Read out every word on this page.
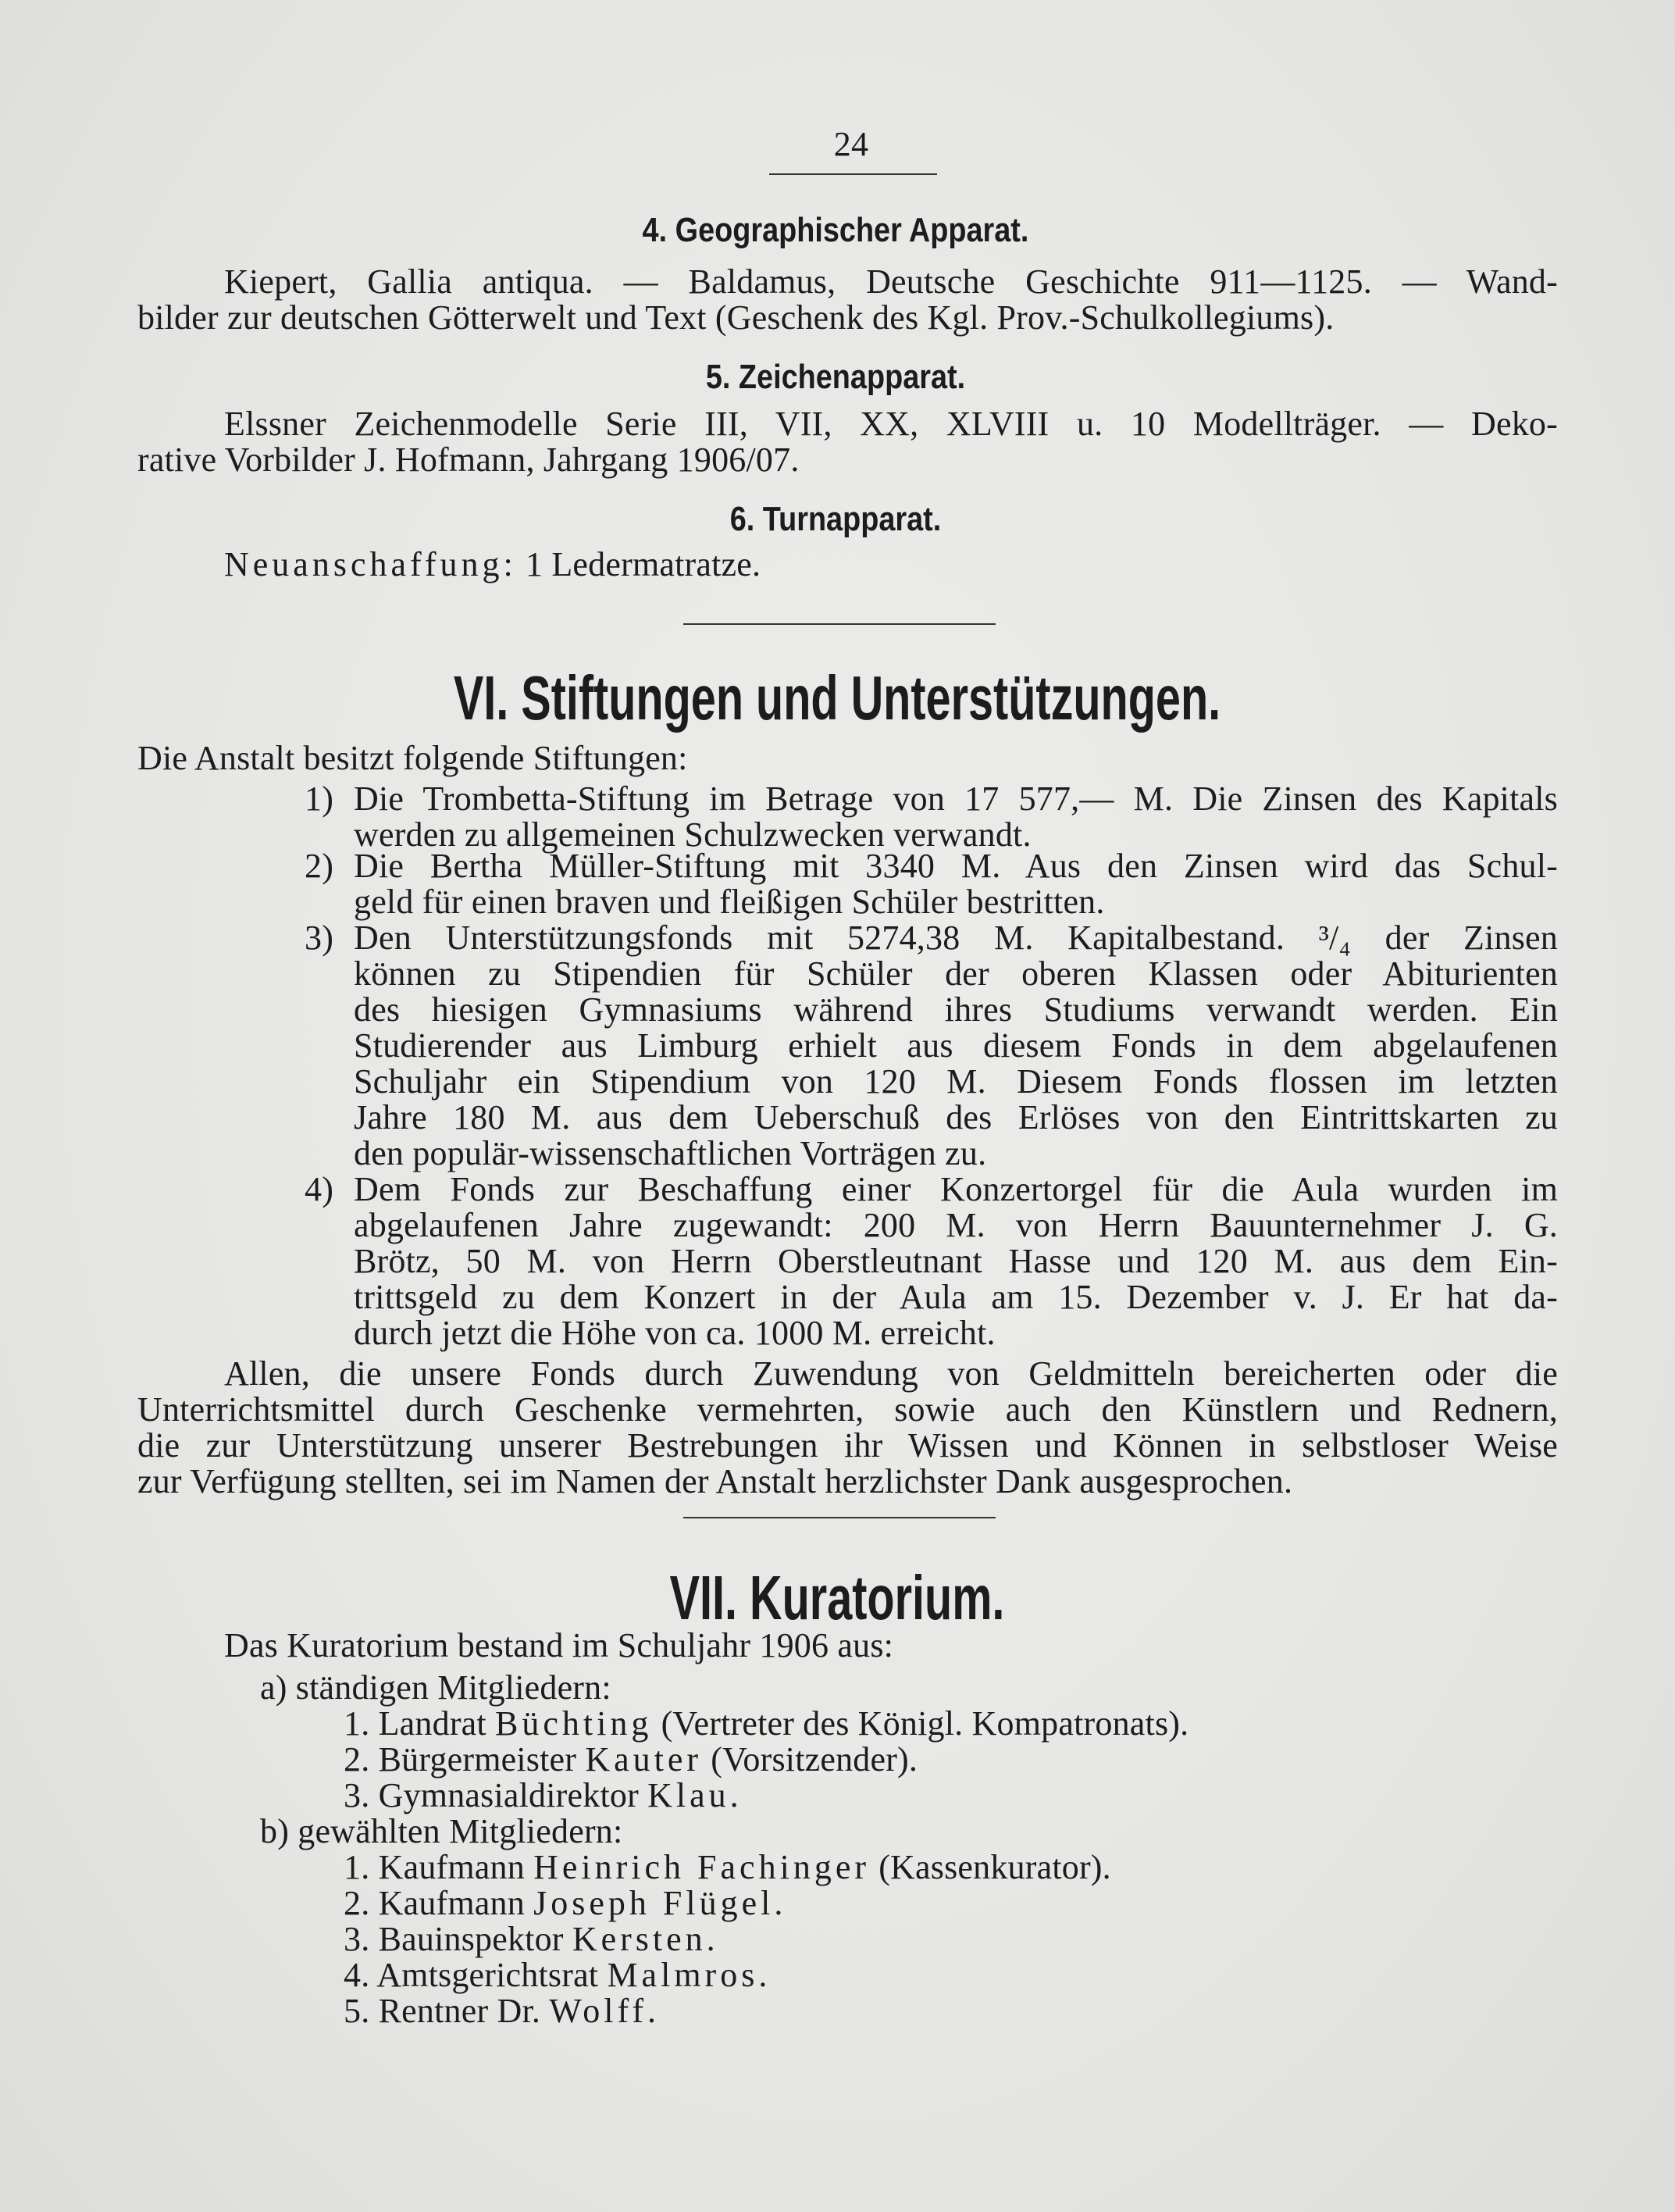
24
4. Geographischer Apparat.
Kiepert, Gallia antiqua. — Baldamus, Deutsche Geschichte 911—1125. — Wand-
bilder zur deutschen Götterwelt und Text (Geschenk des Kgl. Prov.-Schulkollegiums).
5. Zeichenapparat.
Elssner Zeichenmodelle Serie III, VII, XX, XLVIII u. 10 Modellträger. — Deko-
rative Vorbilder J. Hofmann, Jahrgang 1906/07.
6. Turnapparat.
Neuanschaffung: 1 Ledermatratze.
VI. Stiftungen und Unterstützungen.
Die Anstalt besitzt folgende Stiftungen:
1) Die Trombetta-Stiftung im Betrage von 17 577,— M. Die Zinsen des Kapitals
werden zu allgemeinen Schulzwecken verwandt.
2) Die Bertha Müller-Stiftung mit 3340 M. Aus den Zinsen wird das Schul-
geld für einen braven und fleißigen Schüler bestritten.
3) Den Unterstützungsfonds mit 5274,38 M. Kapitalbestand. ³/₄ der Zinsen
können zu Stipendien für Schüler der oberen Klassen oder Abiturienten
des hiesigen Gymnasiums während ihres Studiums verwandt werden. Ein
Studierender aus Limburg erhielt aus diesem Fonds in dem abgelaufenen
Schuljahr ein Stipendium von 120 M. Diesem Fonds flossen im letzten
Jahre 180 M. aus dem Ueberschuß des Erlöses von den Eintrittskarten zu
den populär-wissenschaftlichen Vorträgen zu.
4) Dem Fonds zur Beschaffung einer Konzertorgel für die Aula wurden im
abgelaufenen Jahre zugewandt: 200 M. von Herrn Bauunternehmer J. G.
Brötz, 50 M. von Herrn Oberstleutnant Hasse und 120 M. aus dem Ein-
trittsgeld zu dem Konzert in der Aula am 15. Dezember v. J. Er hat da-
durch jetzt die Höhe von ca. 1000 M. erreicht.
Allen, die unsere Fonds durch Zuwendung von Geldmitteln bereicherten oder die
Unterrichtsmittel durch Geschenke vermehrten, sowie auch den Künstlern und Rednern,
die zur Unterstützung unserer Bestrebungen ihr Wissen und Können in selbstloser Weise
zur Verfügung stellten, sei im Namen der Anstalt herzlichster Dank ausgesprochen.
VII. Kuratorium.
Das Kuratorium bestand im Schuljahr 1906 aus:
a) ständigen Mitgliedern:
1. Landrat Büchting (Vertreter des Königl. Kompatronats).
2. Bürgermeister Kauter (Vorsitzender).
3. Gymnasialdirektor Klau.
b) gewählten Mitgliedern:
1. Kaufmann Heinrich Fachinger (Kassenkurator).
2. Kaufmann Joseph Flügel.
3. Bauinspektor Kersten.
4. Amtsgerichtsrat Malmros.
5. Rentner Dr. Wolff.
